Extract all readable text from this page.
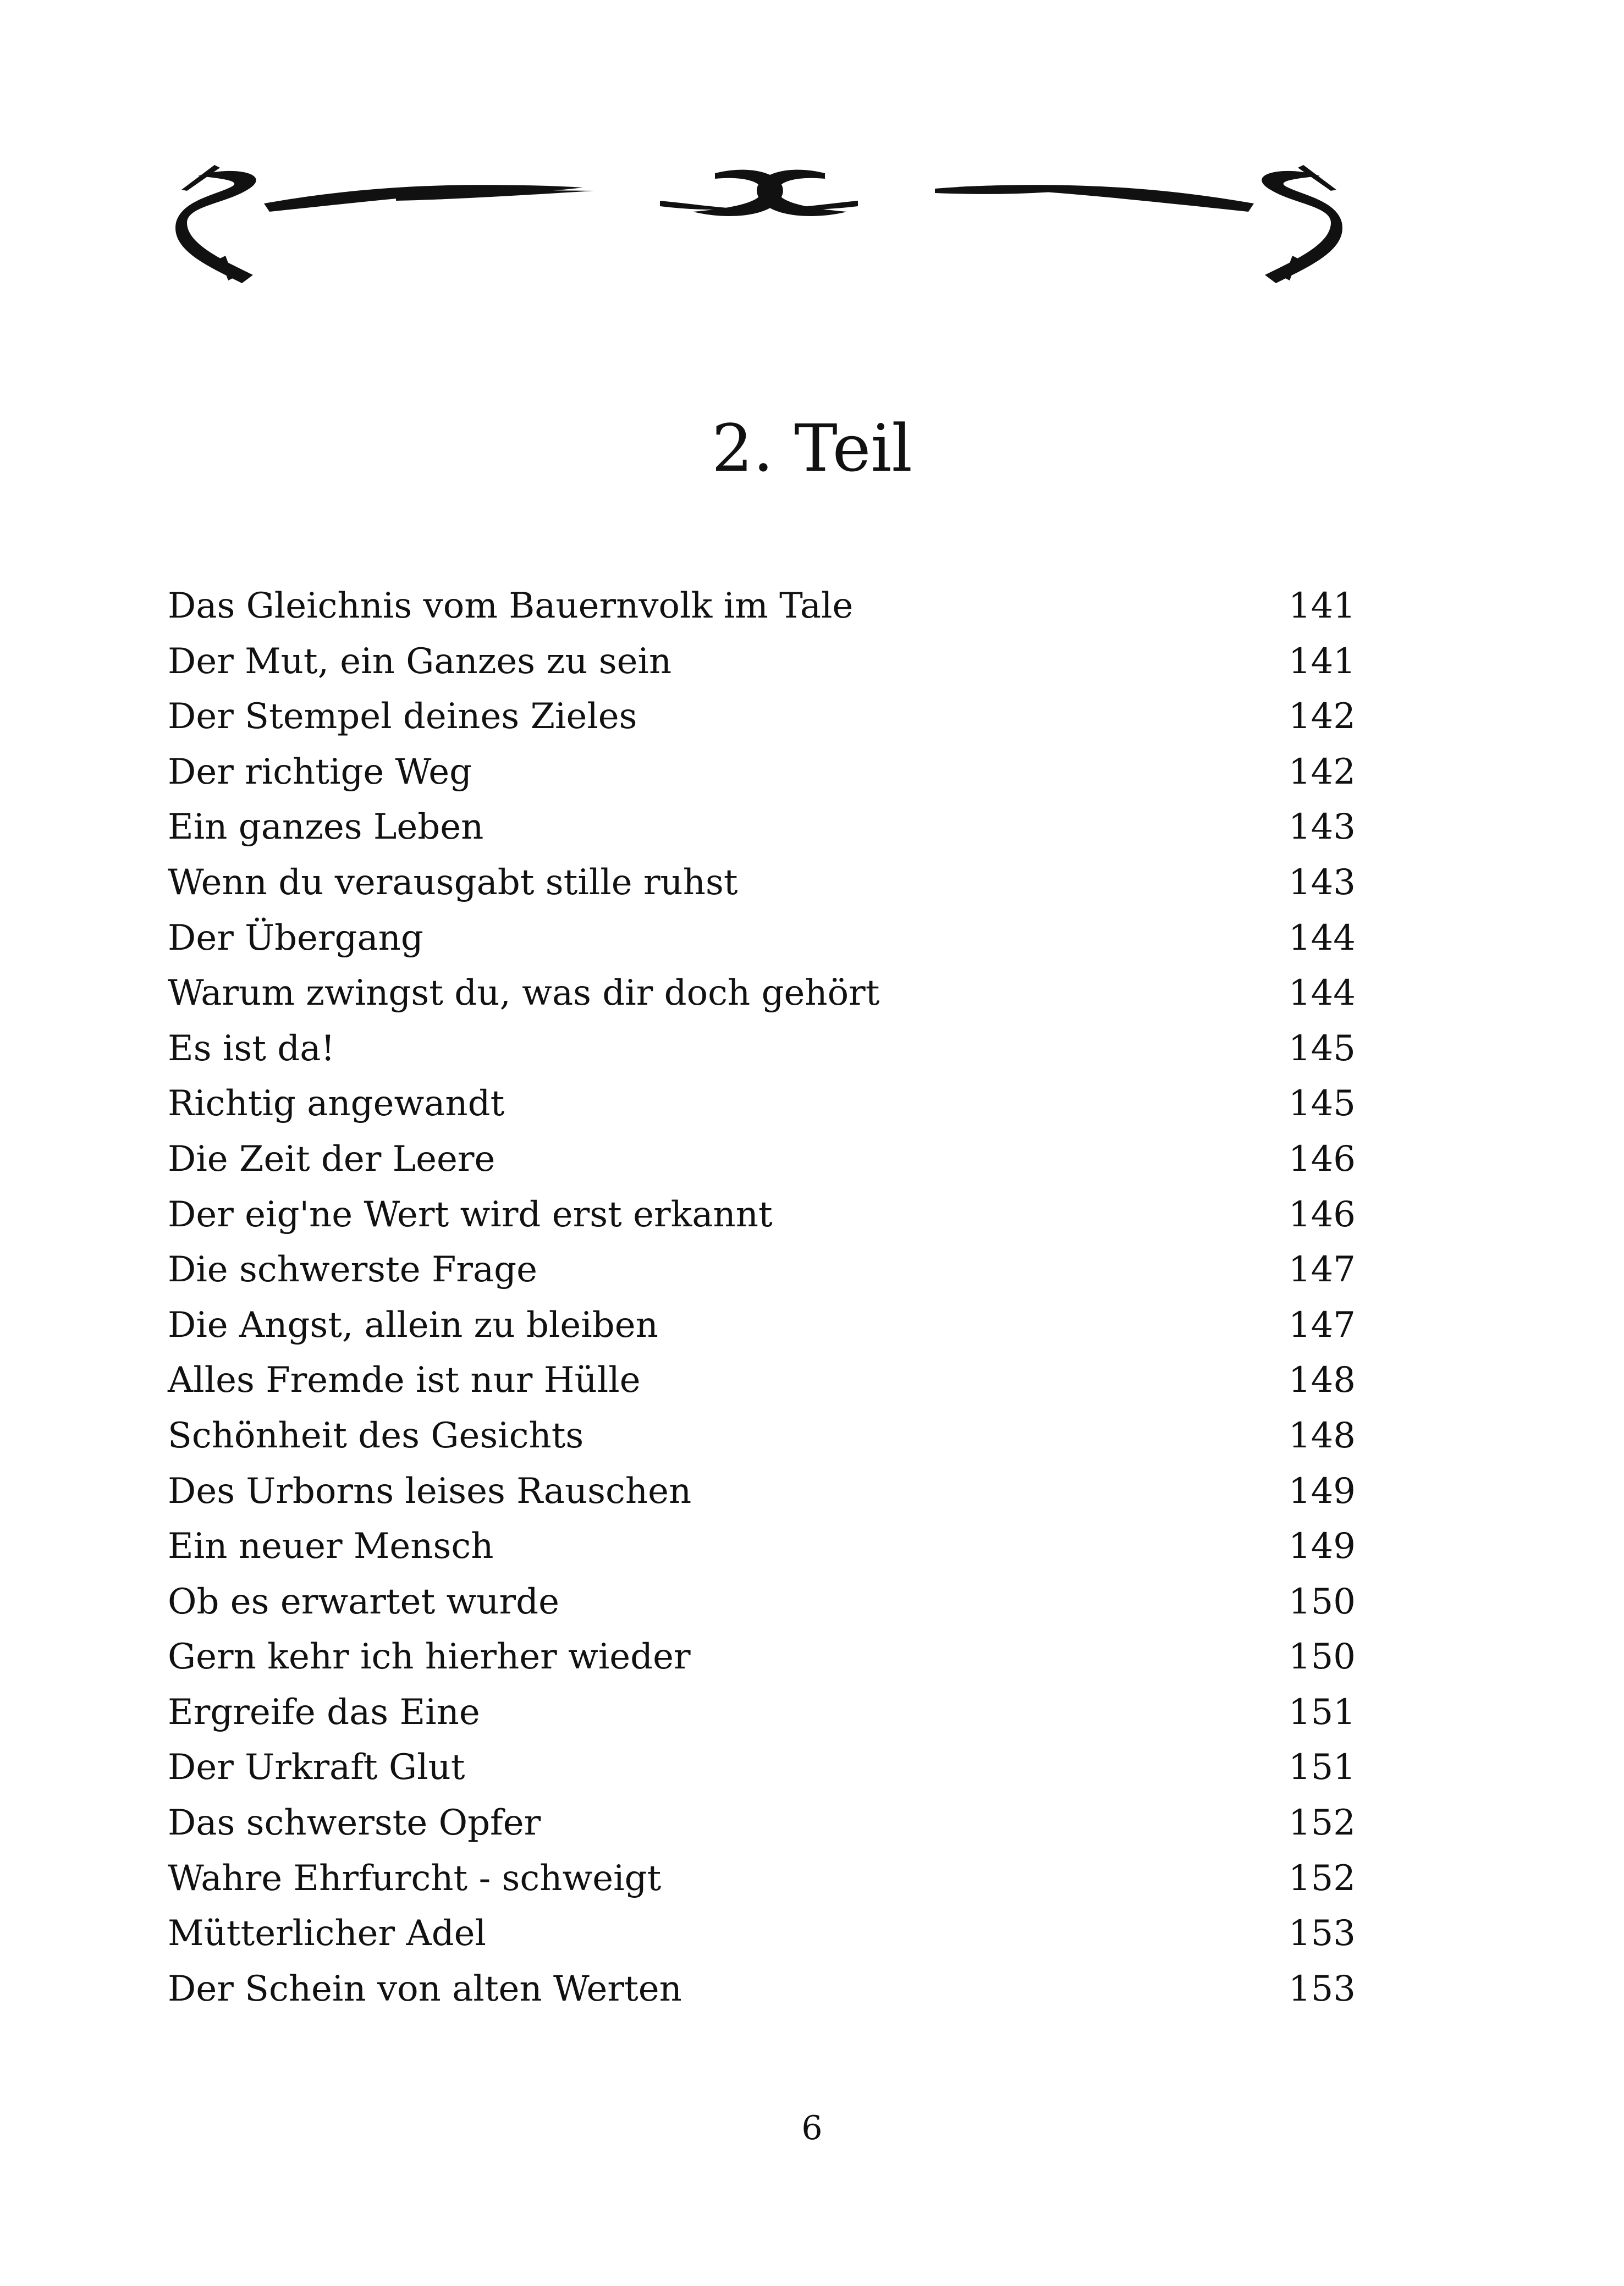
2. Teil
Das Gleichnis vom Bauernvolk im Tale	141
Der Mut, ein Ganzes zu sein	141
Der Stempel deines Zieles	142
Der richtige Weg	142
Ein ganzes Leben	143
Wenn du verausgabt stille ruhst	143
Der Übergang	144
Warum zwingst du, was dir doch gehört	144
Es ist da!	145
Richtig angewandt	145
Die Zeit der Leere	146
Der eig'ne Wert wird erst erkannt	146
Die schwerste Frage	147
Die Angst, allein zu bleiben	147
Alles Fremde ist nur Hülle	148
Schönheit des Gesichts	148
Des Urborns leises Rauschen	149
Ein neuer Mensch	149
Ob es erwartet wurde	150
Gern kehr ich hierher wieder	150
Ergreife das Eine	151
Der Urkraft Glut	151
Das schwerste Opfer	152
Wahre Ehrfurcht - schweigt	152
Mütterlicher Adel	153
Der Schein von alten Werten	153
6
